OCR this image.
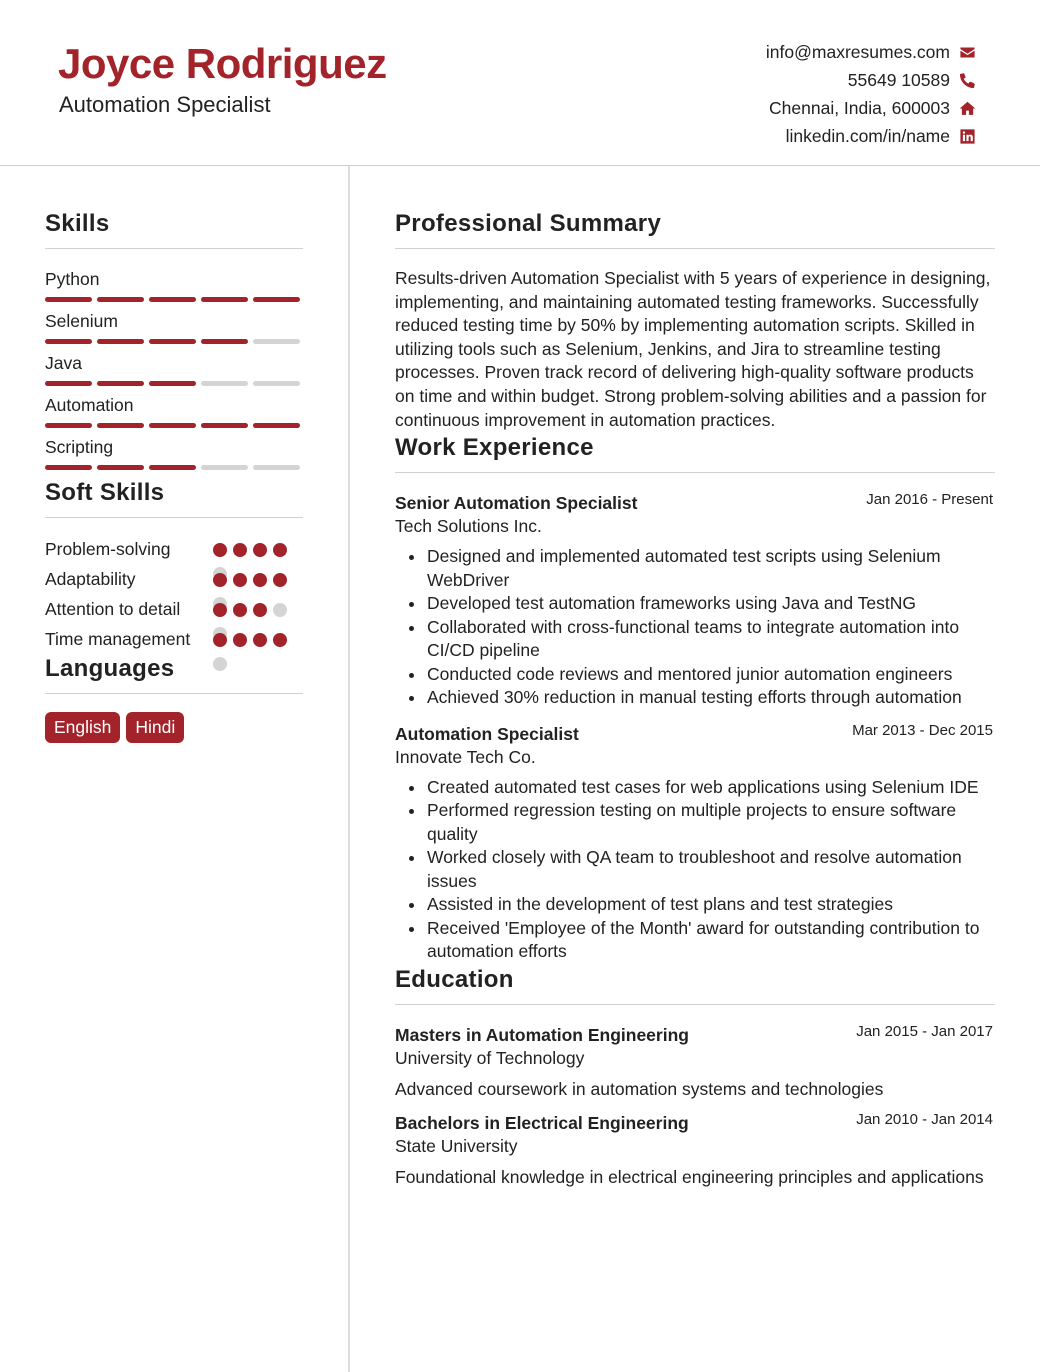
Joyce Rodriguez
Automation Specialist
info@maxresumes.com
55649 10589
Chennai, India, 600003
linkedin.com/in/name
Skills
Python
Selenium
Java
Automation
Scripting
Soft Skills
Problem-solving
Adaptability
Attention to detail
Time management
Languages
English	Hindi
Professional Summary
Results-driven Automation Specialist with 5 years of experience in designing, implementing, and maintaining automated testing frameworks. Successfully reduced testing time by 50% by implementing automation scripts. Skilled in utilizing tools such as Selenium, Jenkins, and Jira to streamline testing processes. Proven track record of delivering high-quality software products on time and within budget. Strong problem-solving abilities and a passion for continuous improvement in automation practices.
Work Experience
Senior Automation Specialist	Jan 2016 - Present
Tech Solutions Inc.
Designed and implemented automated test scripts using Selenium WebDriver
Developed test automation frameworks using Java and TestNG
Collaborated with cross-functional teams to integrate automation into CI/CD pipeline
Conducted code reviews and mentored junior automation engineers
Achieved 30% reduction in manual testing efforts through automation
Automation Specialist	Mar 2013 - Dec 2015
Innovate Tech Co.
Created automated test cases for web applications using Selenium IDE
Performed regression testing on multiple projects to ensure software quality
Worked closely with QA team to troubleshoot and resolve automation issues
Assisted in the development of test plans and test strategies
Received 'Employee of the Month' award for outstanding contribution to automation efforts
Education
Masters in Automation Engineering	Jan 2015 - Jan 2017
University of Technology
Advanced coursework in automation systems and technologies
Bachelors in Electrical Engineering	Jan 2010 - Jan 2014
State University
Foundational knowledge in electrical engineering principles and applications
